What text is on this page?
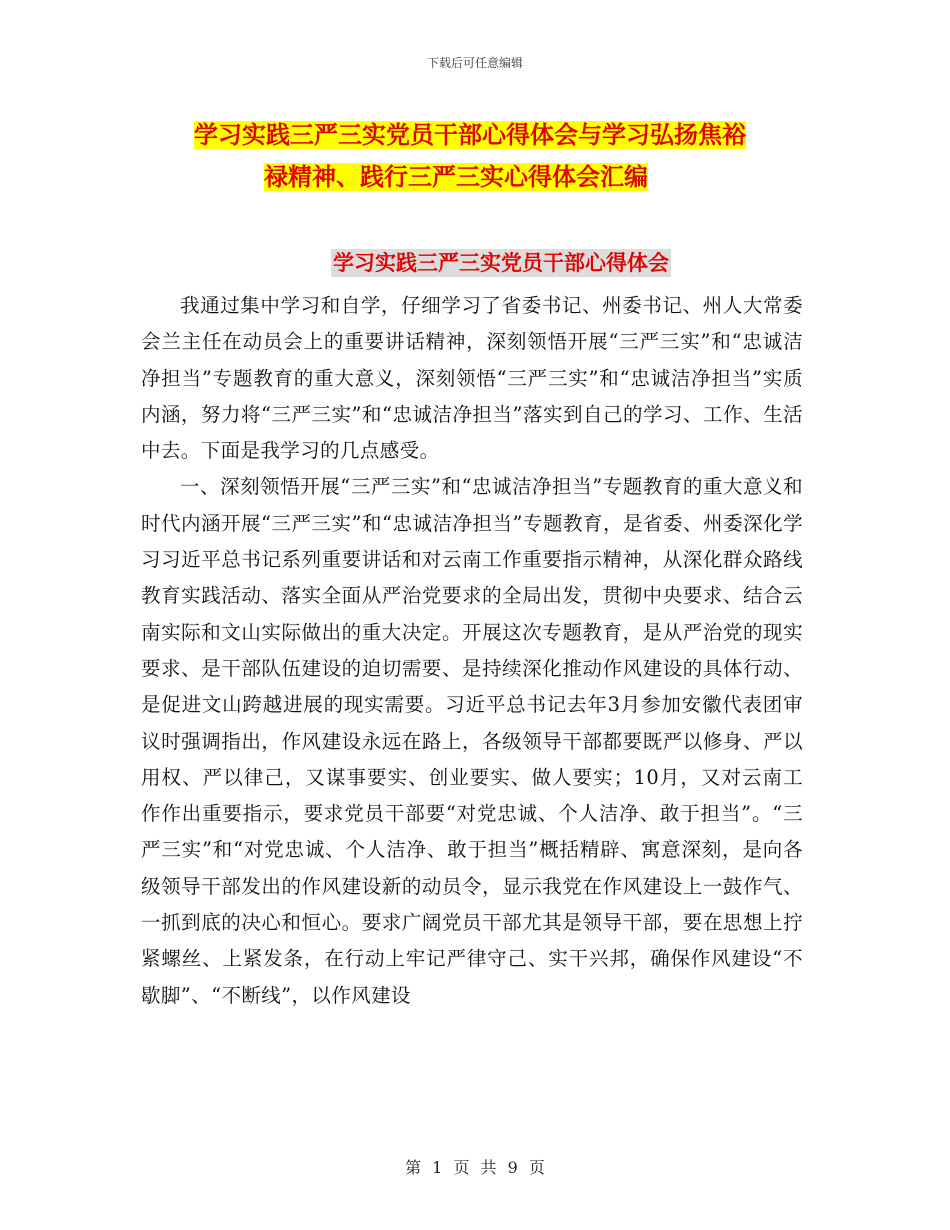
下载后可任意编辑
学习实践三严三实党员干部心得体会与学习弘扬焦裕
禄精神、践行三严三实心得体会汇编
学习实践三严三实党员干部心得体会

我通过集中学习和自学，仔细学习了省委书记、州委书记、州人大常委会兰主任在动员会上的重要讲话精神，深刻领悟开展“三严三实”和“忠诚洁净担当”专题教育的重大意义，深刻领悟“三严三实”和“忠诚洁净担当”实质内涵，努力将“三严三实”和“忠诚洁净担当”落实到自己的学习、工作、生活中去。下面是我学习的几点感受。

一、深刻领悟开展“三严三实”和“忠诚洁净担当”专题教育的重大意义和时代内涵开展“三严三实”和“忠诚洁净担当”专题教育，是省委、州委深化学习习近平总书记系列重要讲话和对云南工作重要指示精神，从深化群众路线教育实践活动、落实全面从严治党要求的全局出发，贯彻中央要求、结合云南实际和文山实际做出的重大决定。开展这次专题教育，是从严治党的现实要求、是干部队伍建设的迫切需要、是持续深化推动作风建设的具体行动、是促进文山跨越进展的现实需要。习近平总书记去年3月参加安徽代表团审议时强调指出，作风建设永远在路上，各级领导干部都要既严以修身、严以用权、严以律己，又谋事要实、创业要实、做人要实；10月，又对云南工作作出重要指示，要求党员干部要“对党忠诚、个人洁净、敢于担当”。“三严三实”和“对党忠诚、个人洁净、敢于担当”概括精辟、寓意深刻，是向各级领导干部发出的作风建设新的动员令，显示我党在作风建设上一鼓作气、一抓到底的决心和恒心。要求广阔党员干部尤其是领导干部，要在思想上拧紧螺丝、上紧发条，在行动上牢记严律守己、实干兴邦，确保作风建设“不歇脚”、“不断线”，以作风建设

第 1 页 共 9 页
